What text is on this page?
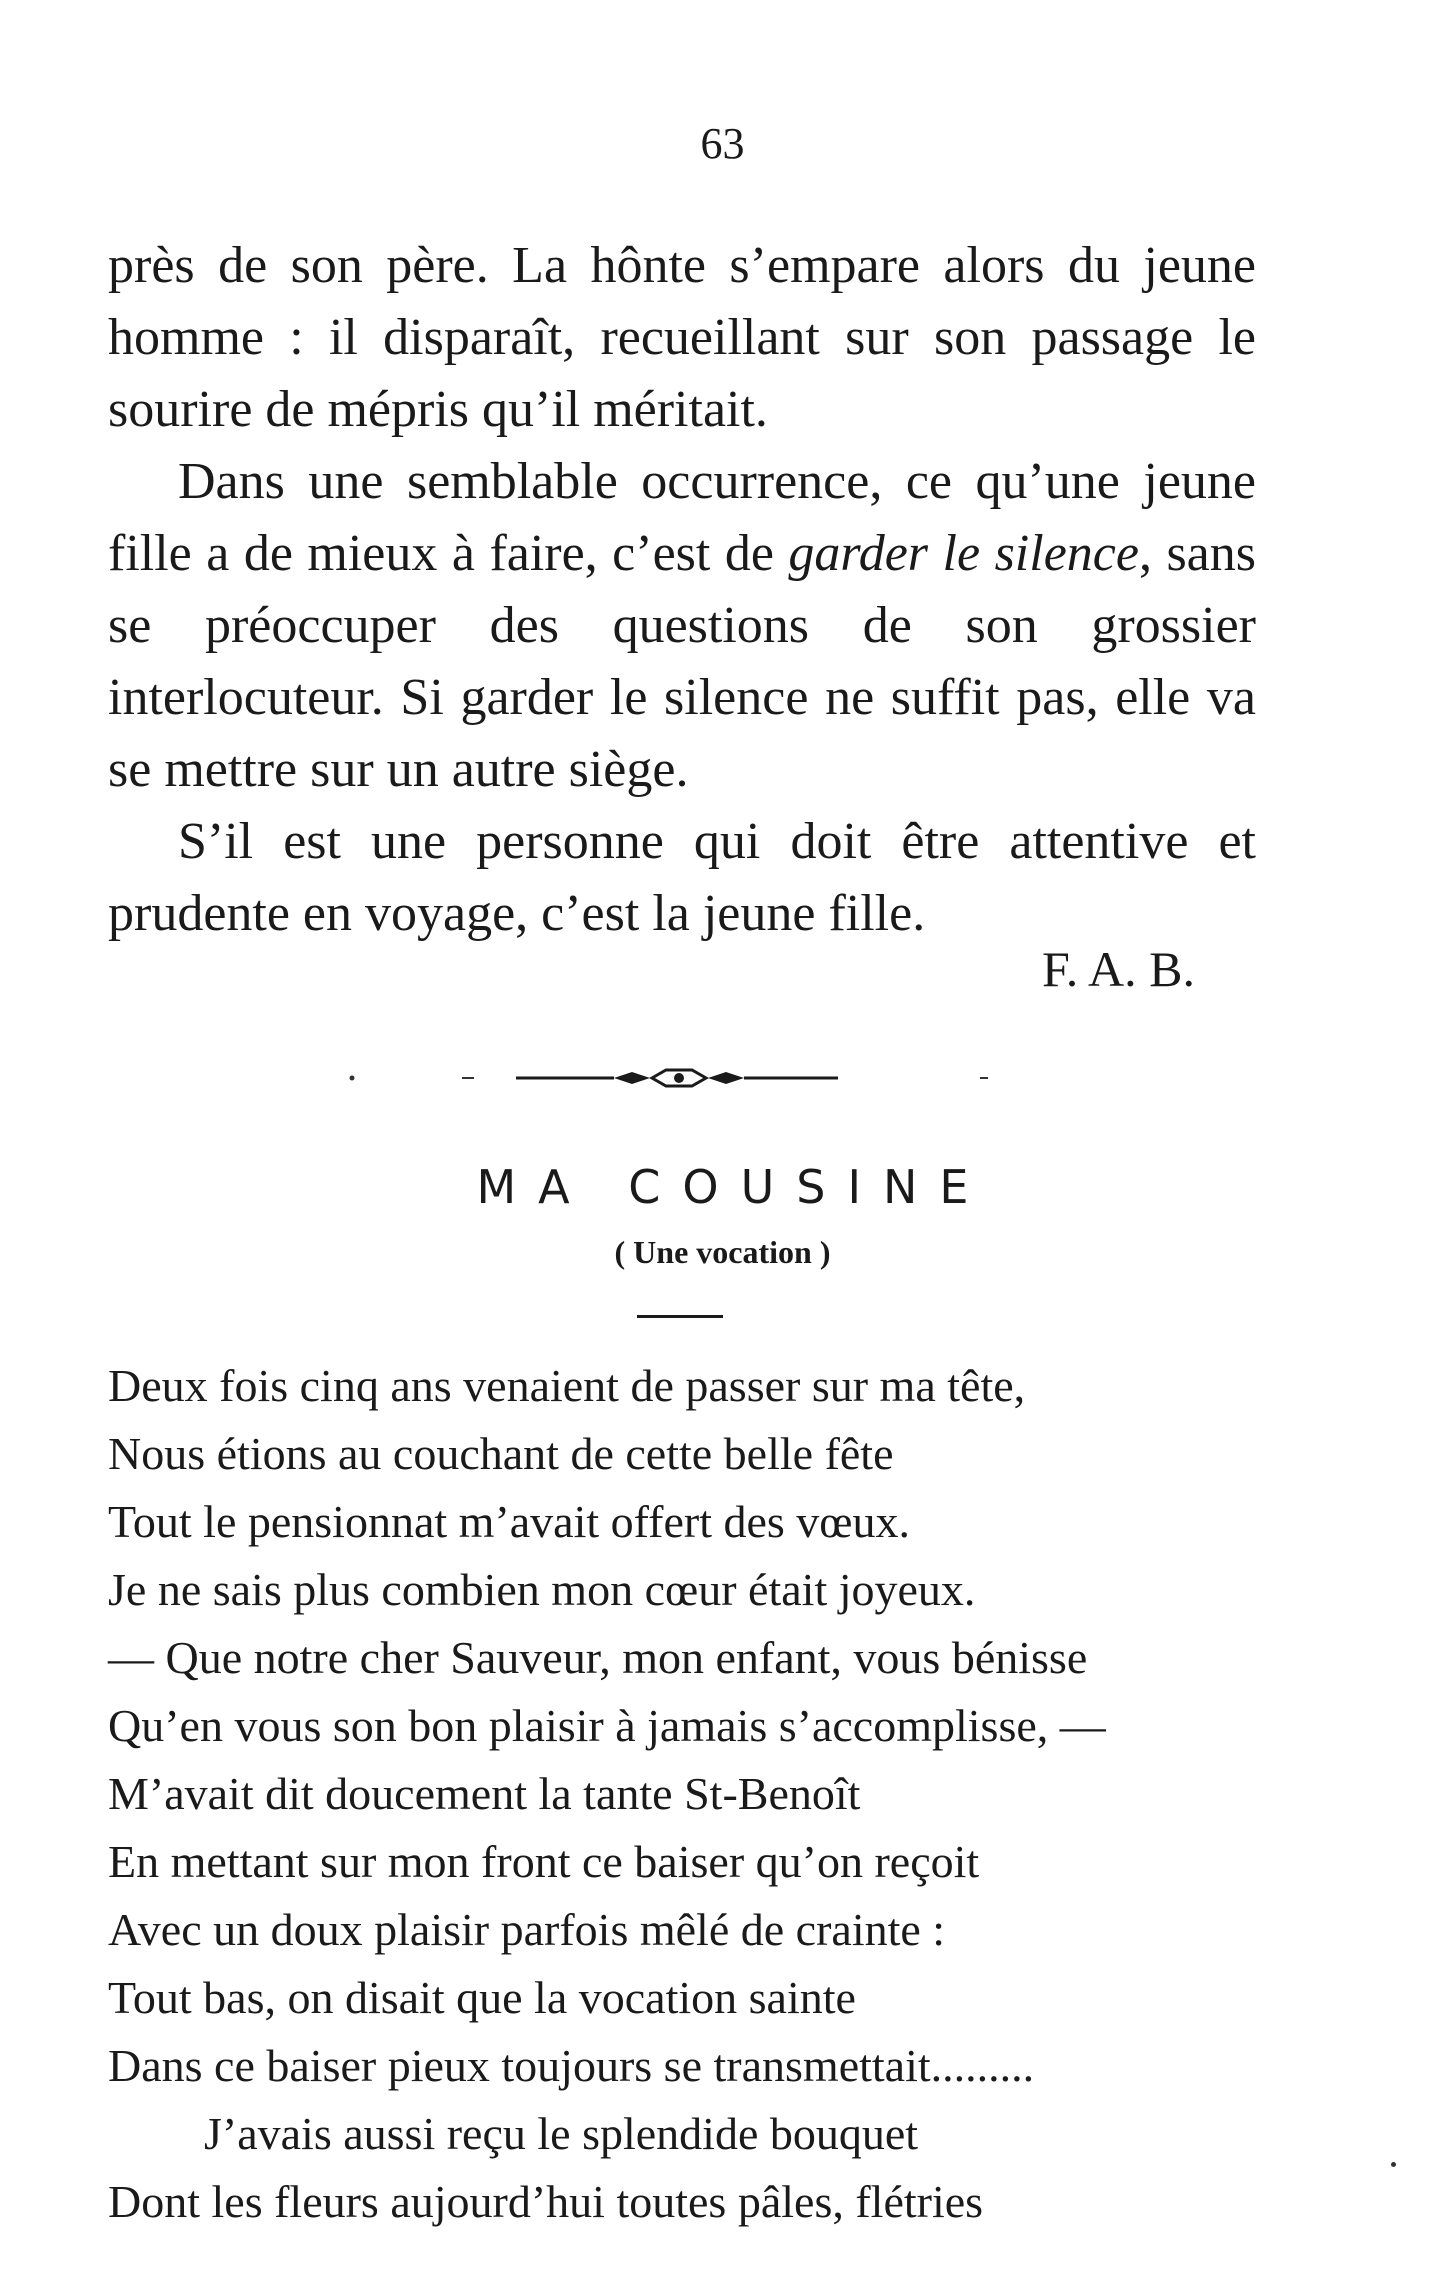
63

près de son père. La hônte s’empare alors du jeune homme : il disparaît, recueillant sur son passage le sourire de mépris qu’il méritait.

Dans une semblable occurrence, ce qu’une jeune fille a de mieux à faire, c’est de garder le silence, sans se préoccuper des questions de son grossier interlocuteur. Si garder le silence ne suffit pas, elle va se mettre sur un autre siège.

S’il est une personne qui doit être attentive et prudente en voyage, c’est la jeune fille.

F. A. B.
MA COUSINE
( Une vocation )
Deux fois cinq ans venaient de passer sur ma tête,
Nous étions au couchant de cette belle fête
Tout le pensionnat m’avait offert des vœux.
Je ne sais plus combien mon cœur était joyeux.
— Que notre cher Sauveur, mon enfant, vous bénisse
Qu’en vous son bon plaisir à jamais s’accomplisse, —
M’avait dit doucement la tante St-Benoît
En mettant sur mon front ce baiser qu’on reçoit
Avec un doux plaisir parfois mêlé de crainte :
Tout bas, on disait que la vocation sainte
Dans ce baiser pieux toujours se transmettait.........
J’avais aussi reçu le splendide bouquet
Dont les fleurs aujourd’hui toutes pâles, flétries
